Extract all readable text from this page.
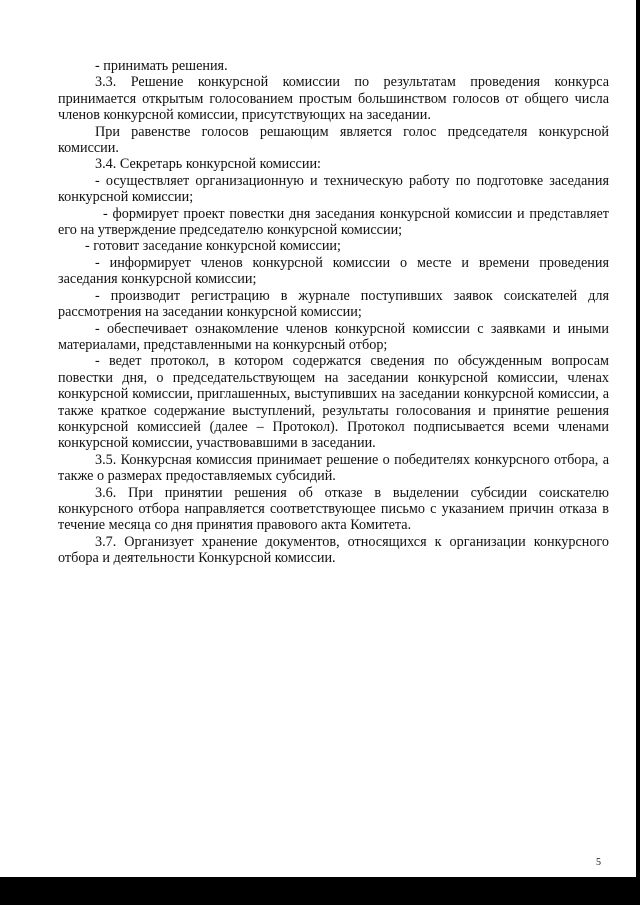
- принимать решения.

3.3. Решение конкурсной комиссии по результатам проведения конкурса принимается открытым голосованием простым большинством голосов от общего числа членов конкурсной комиссии, присутствующих на заседании.

При равенстве голосов решающим является голос председателя конкурсной комиссии.

3.4. Секретарь конкурсной комиссии:

- осуществляет организационную и техническую работу по подготовке заседания конкурсной комиссии;

- формирует проект повестки дня заседания конкурсной комиссии и представляет его на утверждение председателю конкурсной комиссии;

- готовит заседание конкурсной комиссии;

- информирует членов конкурсной комиссии о месте и времени проведения заседания конкурсной комиссии;

- производит регистрацию в журнале поступивших заявок соискателей для рассмотрения на заседании конкурсной комиссии;

- обеспечивает ознакомление членов конкурсной комиссии с заявками и иными материалами, представленными на конкурсный отбор;

- ведет протокол, в котором содержатся сведения по обсужденным вопросам повестки дня, о председательствующем на заседании конкурсной комиссии, членах конкурсной комиссии, приглашенных, выступивших на заседании конкурсной комиссии, а также краткое содержание выступлений, результаты голосования и принятие решения конкурсной комиссией (далее – Протокол). Протокол подписывается всеми членами конкурсной комиссии, участвовавшими в заседании.

3.5. Конкурсная комиссия принимает решение о победителях конкурсного отбора, а также о размерах предоставляемых субсидий.

3.6. При принятии решения об отказе в выделении субсидии соискателю конкурсного отбора направляется соответствующее письмо с указанием причин отказа в течение месяца со дня принятия правового акта Комитета.

3.7. Организует хранение документов, относящихся к организации конкурсного отбора и деятельности Конкурсной комиссии.

5
